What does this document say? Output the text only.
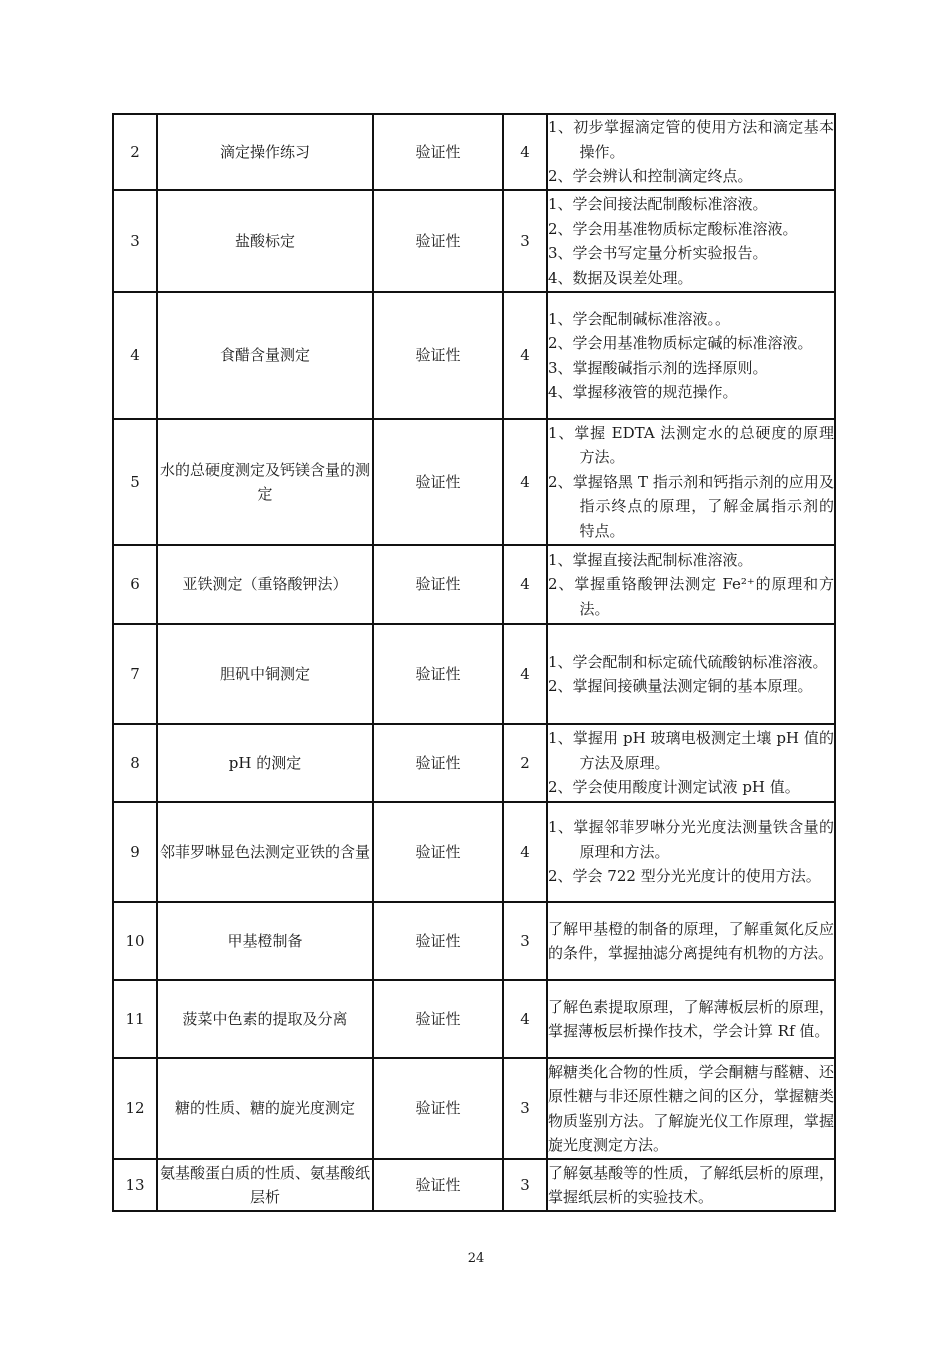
2	滴定操作练习	验证性	4	1、初步掌握滴定管的使用方法和滴定基本操作。
2、学会辨认和控制滴定终点。

3	盐酸标定	验证性	3	1、学会间接法配制酸标准溶液。
2、学会用基准物质标定酸标准溶液。
3、学会书写定量分析实验报告。
4、数据及误差处理。

4	食醋含量测定	验证性	4	1、学会配制碱标准溶液。。
2、学会用基准物质标定碱的标准溶液。
3、掌握酸碱指示剂的选择原则。
4、掌握移液管的规范操作。

5	水的总硬度测定及钙镁含量的测定	验证性	4	1、掌握 EDTA 法测定水的总硬度的原理方法。
2、掌握铬黑 T 指示剂和钙指示剂的应用及指示终点的原理，了解金属指示剂的特点。

6	亚铁测定（重铬酸钾法）	验证性	4	1、掌握直接法配制标准溶液。
2、掌握重铬酸钾法测定 Fe²⁺的原理和方法。

7	胆矾中铜测定	验证性	4	1、学会配制和标定硫代硫酸钠标准溶液。
2、掌握间接碘量法测定铜的基本原理。

8	pH 的测定	验证性	2	1、掌握用 pH 玻璃电极测定土壤 pH 值的方法及原理。
2、学会使用酸度计测定试液 pH 值。

9	邻菲罗啉显色法测定亚铁的含量	验证性	4	1、掌握邻菲罗啉分光光度法测量铁含量的原理和方法。
2、学会 722 型分光光度计的使用方法。

10	甲基橙制备	验证性	3	了解甲基橙的制备的原理，了解重氮化反应的条件，掌握抽滤分离提纯有机物的方法。

11	菠菜中色素的提取及分离	验证性	4	了解色素提取原理，了解薄板层析的原理，掌握薄板层析操作技术，学会计算 Rf 值。

12	糖的性质、糖的旋光度测定	验证性	3	解糖类化合物的性质，学会酮糖与醛糖、还原性糖与非还原性糖之间的区分，掌握糖类物质鉴别方法。了解旋光仪工作原理，掌握旋光度测定方法。

13	氨基酸蛋白质的性质、氨基酸纸层析	验证性	3	了解氨基酸等的性质，了解纸层析的原理，掌握纸层析的实验技术。
24
